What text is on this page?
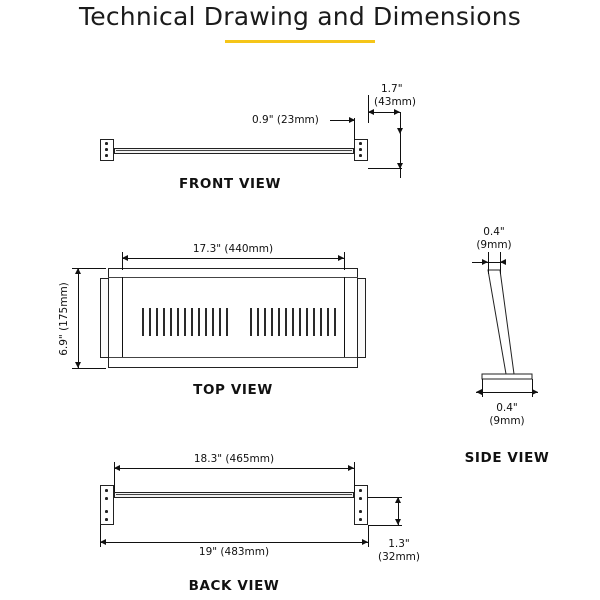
Technical Drawing and Dimensions
0.9" (23mm)
1.7"
(43mm)
FRONT VIEW
17.3" (440mm)
6.9" (175mm)
TOP VIEW
0.4"
(9mm)
0.4"
(9mm)
SIDE VIEW
18.3" (465mm)
19" (483mm)
1.3"
(32mm)
BACK VIEW
